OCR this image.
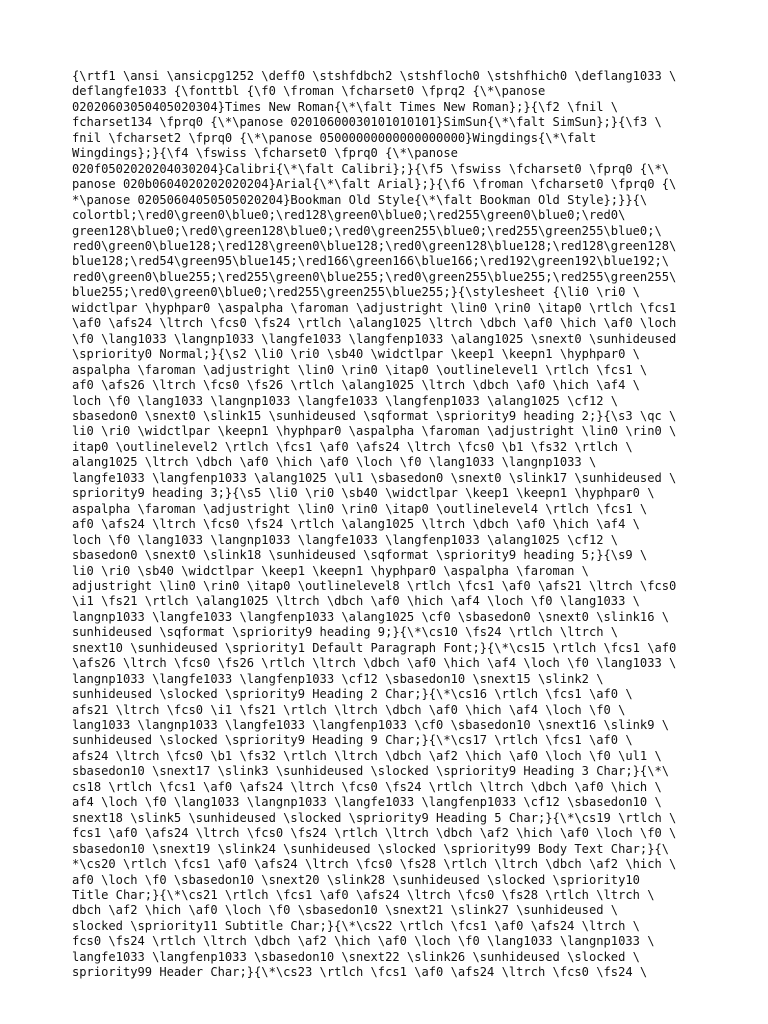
{\rtf1 \ansi \ansicpg1252 \deff0 \stshfdbch2 \stshfloch0 \stshfhich0 \deflang1033 \
deflangfe1033 {\fonttbl {\f0 \froman \fcharset0 \fprq2 {\*\panose
02020603050405020304}Times New Roman{\*\falt Times New Roman};}{\f2 \fnil \
fcharset134 \fprq0 {\*\panose 02010600030101010101}SimSun{\*\falt SimSun};}{\f3 \
fnil \fcharset2 \fprq0 {\*\panose 05000000000000000000}Wingdings{\*\falt
Wingdings};}{\f4 \fswiss \fcharset0 \fprq0 {\*\panose
020f0502020204030204}Calibri{\*\falt Calibri};}{\f5 \fswiss \fcharset0 \fprq0 {\*\
panose 020b0604020202020204}Arial{\*\falt Arial};}{\f6 \froman \fcharset0 \fprq0 {\
*\panose 02050604050505020204}Bookman Old Style{\*\falt Bookman Old Style};}}{\
colortbl;\red0\green0\blue0;\red128\green0\blue0;\red255\green0\blue0;\red0\
green128\blue0;\red0\green128\blue0;\red0\green255\blue0;\red255\green255\blue0;\
red0\green0\blue128;\red128\green0\blue128;\red0\green128\blue128;\red128\green128\
blue128;\red54\green95\blue145;\red166\green166\blue166;\red192\green192\blue192;\
red0\green0\blue255;\red255\green0\blue255;\red0\green255\blue255;\red255\green255\
blue255;\red0\green0\blue0;\red255\green255\blue255;}{\stylesheet {\li0 \ri0 \
widctlpar \hyphpar0 \aspalpha \faroman \adjustright \lin0 \rin0 \itap0 \rtlch \fcs1
\af0 \afs24 \ltrch \fcs0 \fs24 \rtlch \alang1025 \ltrch \dbch \af0 \hich \af0 \loch
\f0 \lang1033 \langnp1033 \langfe1033 \langfenp1033 \alang1025 \snext0 \sunhideused
\spriority0 Normal;}{\s2 \li0 \ri0 \sb40 \widctlpar \keep1 \keepn1 \hyphpar0 \
aspalpha \faroman \adjustright \lin0 \rin0 \itap0 \outlinelevel1 \rtlch \fcs1 \
af0 \afs26 \ltrch \fcs0 \fs26 \rtlch \alang1025 \ltrch \dbch \af0 \hich \af4 \
loch \f0 \lang1033 \langnp1033 \langfe1033 \langfenp1033 \alang1025 \cf12 \
sbasedon0 \snext0 \slink15 \sunhideused \sqformat \spriority9 heading 2;}{\s3 \qc \
li0 \ri0 \widctlpar \keepn1 \hyphpar0 \aspalpha \faroman \adjustright \lin0 \rin0 \
itap0 \outlinelevel2 \rtlch \fcs1 \af0 \afs24 \ltrch \fcs0 \b1 \fs32 \rtlch \
alang1025 \ltrch \dbch \af0 \hich \af0 \loch \f0 \lang1033 \langnp1033 \
langfe1033 \langfenp1033 \alang1025 \ul1 \sbasedon0 \snext0 \slink17 \sunhideused \
spriority9 heading 3;}{\s5 \li0 \ri0 \sb40 \widctlpar \keep1 \keepn1 \hyphpar0 \
aspalpha \faroman \adjustright \lin0 \rin0 \itap0 \outlinelevel4 \rtlch \fcs1 \
af0 \afs24 \ltrch \fcs0 \fs24 \rtlch \alang1025 \ltrch \dbch \af0 \hich \af4 \
loch \f0 \lang1033 \langnp1033 \langfe1033 \langfenp1033 \alang1025 \cf12 \
sbasedon0 \snext0 \slink18 \sunhideused \sqformat \spriority9 heading 5;}{\s9 \
li0 \ri0 \sb40 \widctlpar \keep1 \keepn1 \hyphpar0 \aspalpha \faroman \
adjustright \lin0 \rin0 \itap0 \outlinelevel8 \rtlch \fcs1 \af0 \afs21 \ltrch \fcs0
\i1 \fs21 \rtlch \alang1025 \ltrch \dbch \af0 \hich \af4 \loch \f0 \lang1033 \
langnp1033 \langfe1033 \langfenp1033 \alang1025 \cf0 \sbasedon0 \snext0 \slink16 \
sunhideused \sqformat \spriority9 heading 9;}{\*\cs10 \fs24 \rtlch \ltrch \
snext10 \sunhideused \spriority1 Default Paragraph Font;}{\*\cs15 \rtlch \fcs1 \af0
\afs26 \ltrch \fcs0 \fs26 \rtlch \ltrch \dbch \af0 \hich \af4 \loch \f0 \lang1033 \
langnp1033 \langfe1033 \langfenp1033 \cf12 \sbasedon10 \snext15 \slink2 \
sunhideused \slocked \spriority9 Heading 2 Char;}{\*\cs16 \rtlch \fcs1 \af0 \
afs21 \ltrch \fcs0 \i1 \fs21 \rtlch \ltrch \dbch \af0 \hich \af4 \loch \f0 \
lang1033 \langnp1033 \langfe1033 \langfenp1033 \cf0 \sbasedon10 \snext16 \slink9 \
sunhideused \slocked \spriority9 Heading 9 Char;}{\*\cs17 \rtlch \fcs1 \af0 \
afs24 \ltrch \fcs0 \b1 \fs32 \rtlch \ltrch \dbch \af2 \hich \af0 \loch \f0 \ul1 \
sbasedon10 \snext17 \slink3 \sunhideused \slocked \spriority9 Heading 3 Char;}{\*\
cs18 \rtlch \fcs1 \af0 \afs24 \ltrch \fcs0 \fs24 \rtlch \ltrch \dbch \af0 \hich \
af4 \loch \f0 \lang1033 \langnp1033 \langfe1033 \langfenp1033 \cf12 \sbasedon10 \
snext18 \slink5 \sunhideused \slocked \spriority9 Heading 5 Char;}{\*\cs19 \rtlch \
fcs1 \af0 \afs24 \ltrch \fcs0 \fs24 \rtlch \ltrch \dbch \af2 \hich \af0 \loch \f0 \
sbasedon10 \snext19 \slink24 \sunhideused \slocked \spriority99 Body Text Char;}{\
*\cs20 \rtlch \fcs1 \af0 \afs24 \ltrch \fcs0 \fs28 \rtlch \ltrch \dbch \af2 \hich \
af0 \loch \f0 \sbasedon10 \snext20 \slink28 \sunhideused \slocked \spriority10
Title Char;}{\*\cs21 \rtlch \fcs1 \af0 \afs24 \ltrch \fcs0 \fs28 \rtlch \ltrch \
dbch \af2 \hich \af0 \loch \f0 \sbasedon10 \snext21 \slink27 \sunhideused \
slocked \spriority11 Subtitle Char;}{\*\cs22 \rtlch \fcs1 \af0 \afs24 \ltrch \
fcs0 \fs24 \rtlch \ltrch \dbch \af2 \hich \af0 \loch \f0 \lang1033 \langnp1033 \
langfe1033 \langfenp1033 \sbasedon10 \snext22 \slink26 \sunhideused \slocked \
spriority99 Header Char;}{\*\cs23 \rtlch \fcs1 \af0 \afs24 \ltrch \fcs0 \fs24 \
